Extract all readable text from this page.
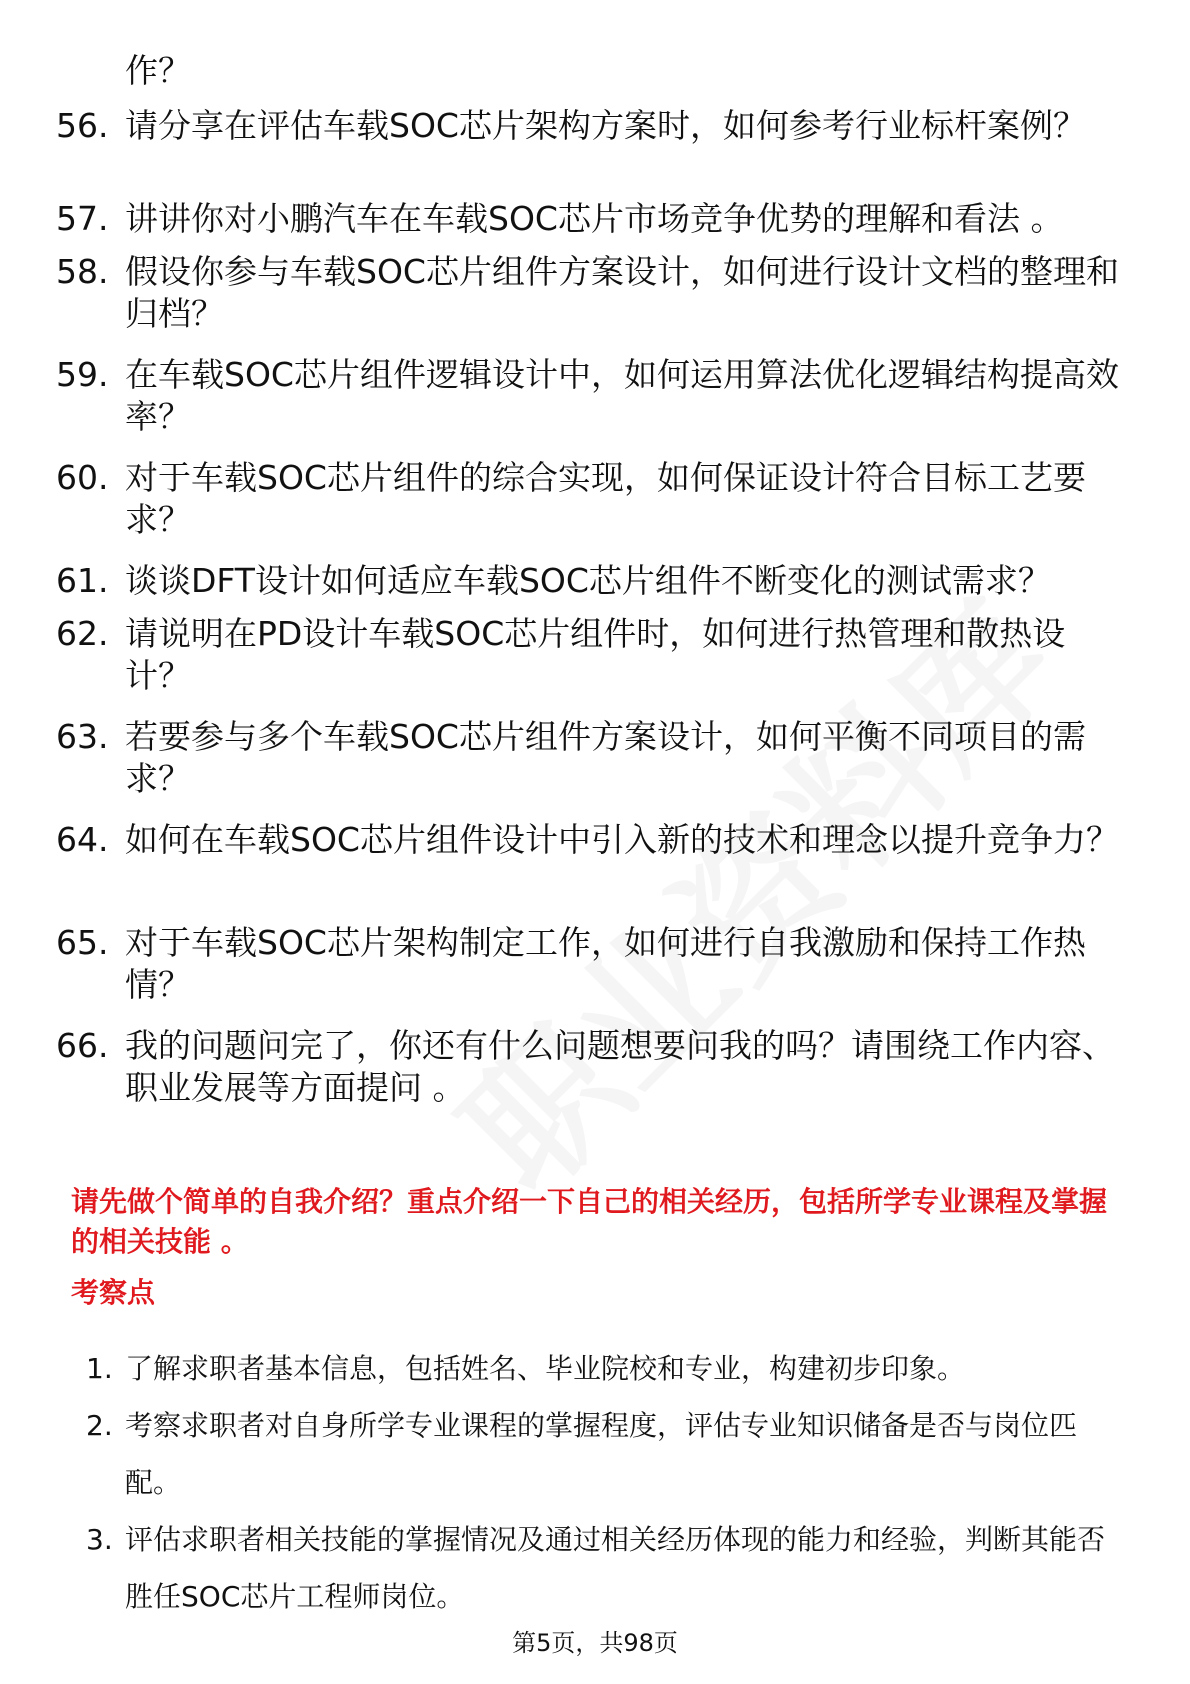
作？
56. 请分享在评估车载SOC芯片架构方案时，如何参考行业标杆案例？
57. 讲讲你对小鹏汽车在车载SOC芯片市场竞争优势的理解和看法 。
58. 假设你参与车载SOC芯片组件方案设计，如何进行设计文档的整理和归档？
59. 在车载SOC芯片组件逻辑设计中，如何运用算法优化逻辑结构提高效率？
60. 对于车载SOC芯片组件的综合实现，如何保证设计符合目标工艺要求？
61. 谈谈DFT设计如何适应车载SOC芯片组件不断变化的测试需求？
62. 请说明在PD设计车载SOC芯片组件时，如何进行热管理和散热设计？
63. 若要参与多个车载SOC芯片组件方案设计，如何平衡不同项目的需求？
64. 如何在车载SOC芯片组件设计中引入新的技术和理念以提升竞争力？
65. 对于车载SOC芯片架构制定工作，如何进行自我激励和保持工作热情？
66. 我的问题问完了，你还有什么问题想要问我的吗？请围绕工作内容、职业发展等方面提问 。
请先做个简单的自我介绍？重点介绍一下自己的相关经历，包括所学专业课程及掌握的相关技能 。
考察点
1. 了解求职者基本信息，包括姓名、毕业院校和专业，构建初步印象。
2. 考察求职者对自身所学专业课程的掌握程度，评估专业知识储备是否与岗位匹配。
3. 评估求职者相关技能的掌握情况及通过相关经历体现的能力和经验，判断其能否胜任SOC芯片工程师岗位。
第5页，共98页
